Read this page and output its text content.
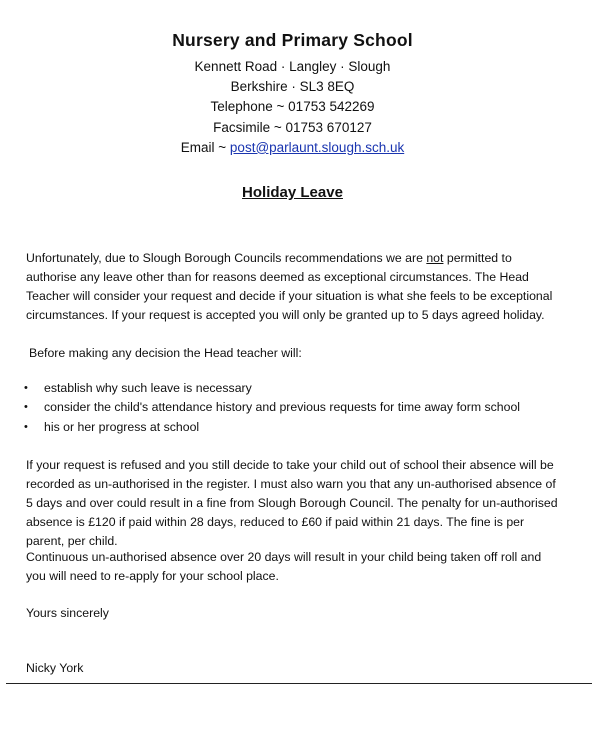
Nursery and Primary School

Kennett Road · Langley · Slough

Berkshire · SL3 8EQ

Telephone ~ 01753 542269

Facsimile ~ 01753 670127

Email ~ post@parlaunt.slough.sch.uk

Holiday Leave

Unfortunately, due to Slough Borough Councils recommendations we are not permitted to authorise any leave other than for reasons deemed as exceptional circumstances. The Head Teacher will consider your request and decide if your situation is what she feels to be exceptional circumstances. If your request is accepted you will only be granted up to 5 days agreed holiday.

Before making any decision the Head teacher will:

• establish why such leave is necessary
• consider the child's attendance history and previous requests for time away form school
• his or her progress at school

If your request is refused and you still decide to take your child out of school their absence will be recorded as un-authorised in the register. I must also warn you that any un-authorised absence of 5 days and over could result in a fine from Slough Borough Council. The penalty for un-authorised absence is £120 if paid within 28 days, reduced to £60 if paid within 21 days. The fine is per parent, per child.

Continuous un-authorised absence over 20 days will result in your child being taken off roll and you will need to re-apply for your school place.

Yours sincerely

Nicky York
